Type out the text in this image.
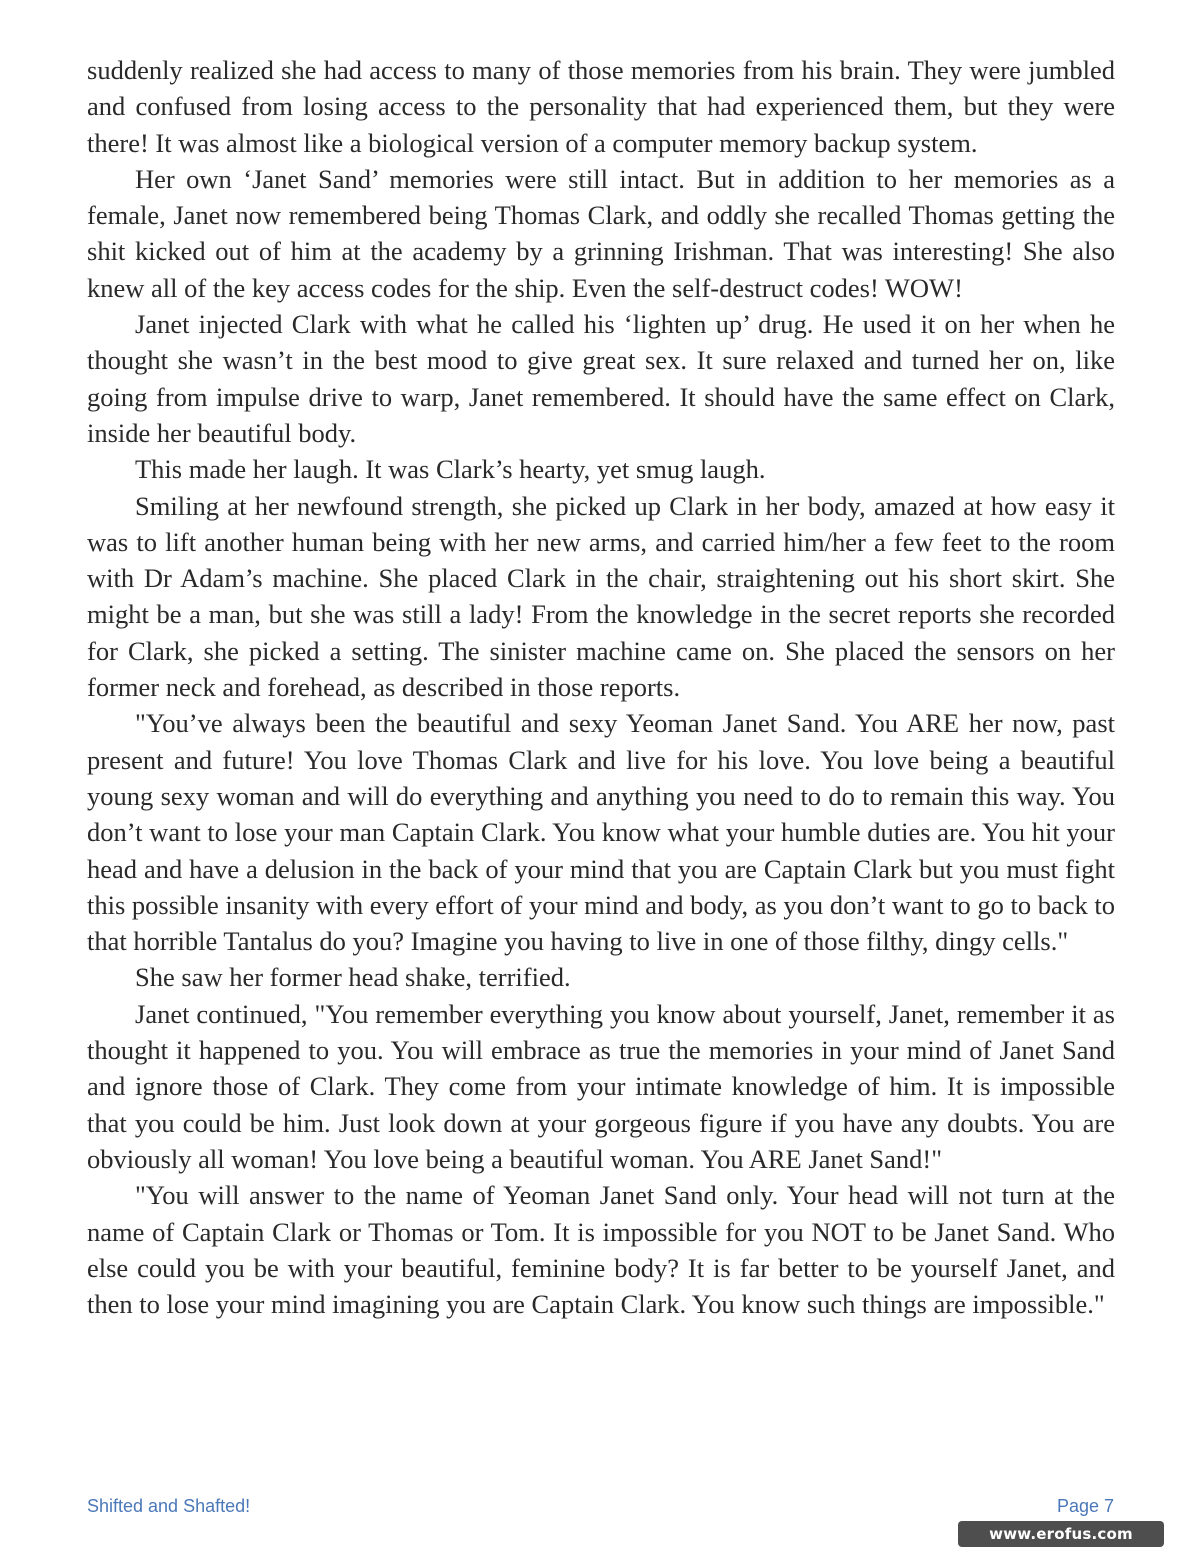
suddenly realized she had access to many of those memories from his brain. They were jumbled and confused from losing access to the personality that had experienced them, but they were there! It was almost like a biological version of a computer memory backup system.

Her own ‘Janet Sand’ memories were still intact. But in addition to her memories as a female, Janet now remembered being Thomas Clark, and oddly she recalled Thomas getting the shit kicked out of him at the academy by a grinning Irishman. That was interesting! She also knew all of the key access codes for the ship. Even the self-destruct codes! WOW!

Janet injected Clark with what he called his ‘lighten up’ drug. He used it on her when he thought she wasn’t in the best mood to give great sex. It sure relaxed and turned her on, like going from impulse drive to warp, Janet remembered. It should have the same effect on Clark, inside her beautiful body.

This made her laugh. It was Clark’s hearty, yet smug laugh.

Smiling at her newfound strength, she picked up Clark in her body, amazed at how easy it was to lift another human being with her new arms, and carried him/her a few feet to the room with Dr Adam’s machine. She placed Clark in the chair, straightening out his short skirt. She might be a man, but she was still a lady! From the knowledge in the secret reports she recorded for Clark, she picked a setting. The sinister machine came on. She placed the sensors on her former neck and forehead, as described in those reports.

"You’ve always been the beautiful and sexy Yeoman Janet Sand. You ARE her now, past present and future! You love Thomas Clark and live for his love. You love being a beautiful young sexy woman and will do everything and anything you need to do to remain this way. You don’t want to lose your man Captain Clark. You know what your humble duties are. You hit your head and have a delusion in the back of your mind that you are Captain Clark but you must fight this possible insanity with every effort of your mind and body, as you don’t want to go to back to that horrible Tantalus do you? Imagine you having to live in one of those filthy, dingy cells."

She saw her former head shake, terrified.

Janet continued, "You remember everything you know about yourself, Janet, remember it as thought it happened to you. You will embrace as true the memories in your mind of Janet Sand and ignore those of Clark. They come from your intimate knowledge of him. It is impossible that you could be him. Just look down at your gorgeous figure if you have any doubts. You are obviously all woman! You love being a beautiful woman. You ARE Janet Sand!"

"You will answer to the name of Yeoman Janet Sand only. Your head will not turn at the name of Captain Clark or Thomas or Tom. It is impossible for you NOT to be Janet Sand. Who else could you be with your beautiful, feminine body? It is far better to be yourself Janet, and then to lose your mind imagining you are Captain Clark. You know such things are impossible."

Shifted and Shafted!	Page 7
www.erofus.com
